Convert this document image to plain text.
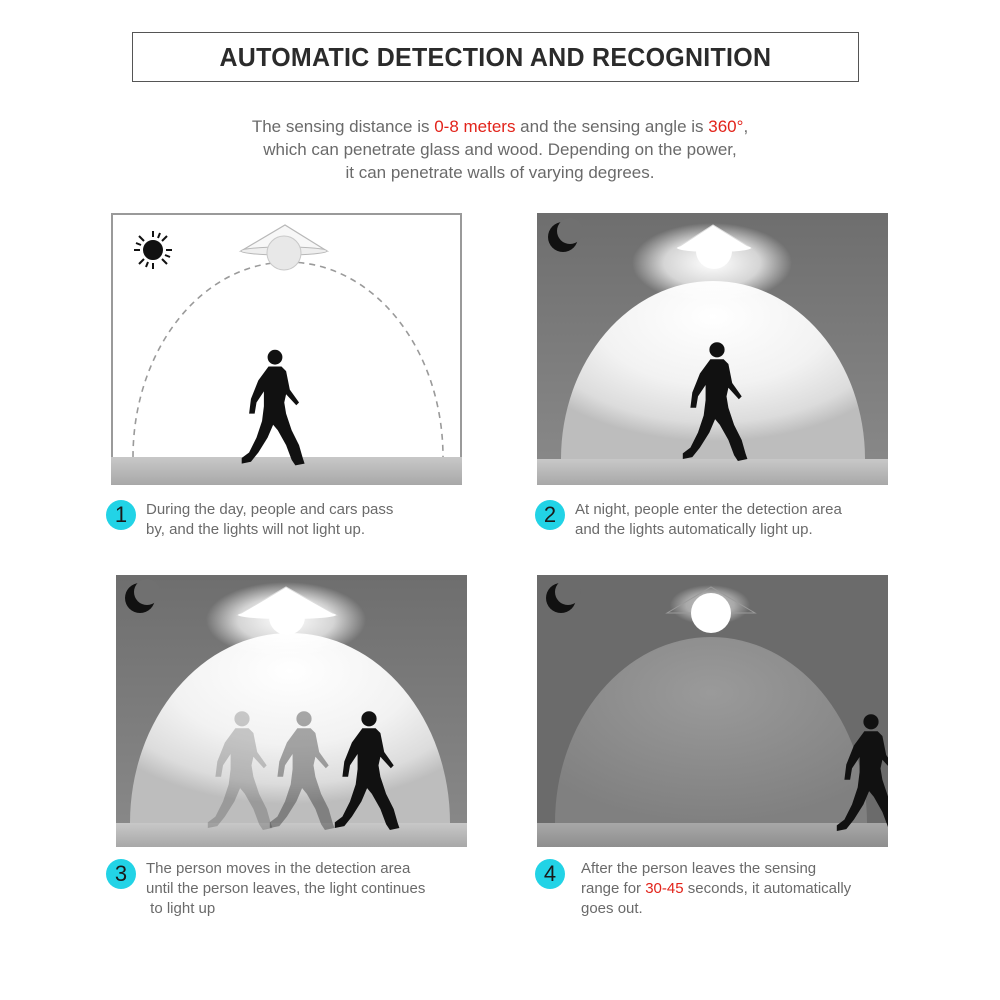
AUTOMATIC DETECTION AND RECOGNITION
The sensing distance is 0-8 meters and the sensing angle is 360°,
which can penetrate glass and wood. Depending on the power,
it can penetrate walls of varying degrees.
1	During the day, people and cars pass
by, and the lights will not light up.
2	At night, people enter the detection area
and the lights automatically light up.
3	The person moves in the detection area
until the person leaves, the light continues
to light up
4	After the person leaves the sensing
range for 30-45 seconds, it automatically
goes out.
